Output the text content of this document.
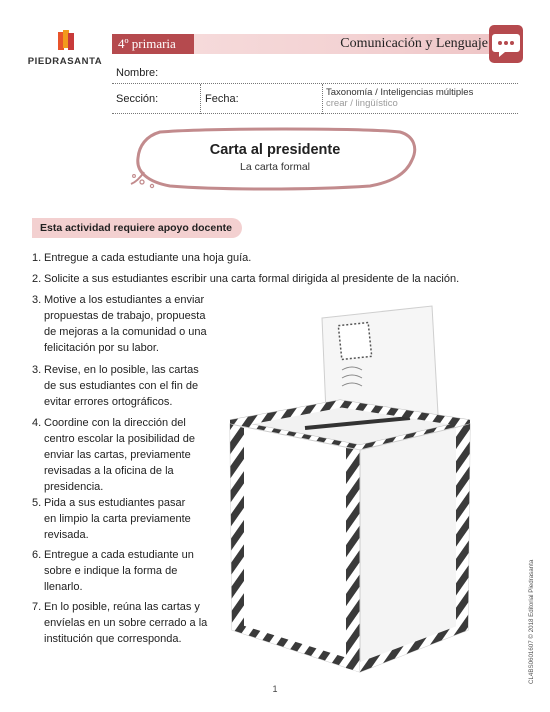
PIEDRASANTA
4º primaria	Comunicación y Lenguaje
Nombre:
Sección:	Fecha:
Taxonomía / Inteligencias múltiples
crear / lingüístico
Carta al presidente
La carta formal
Esta actividad requiere apoyo docente
1. Entregue a cada estudiante una hoja guía.
2. Solicite a sus estudiantes escribir una carta formal dirigida al presidente de la nación.
3. Motive a los estudiantes a enviar
propuestas de trabajo, propuesta
de mejoras a la comunidad o una
felicitación por su labor.
3. Revise, en lo posible, las cartas
de sus estudiantes con el fin de
evitar errores ortográficos.
4. Coordine con la dirección del
centro escolar la posibilidad de
enviar las cartas, previamente
revisadas a la oficina de la
presidencia.
5. Pida a sus estudiantes pasar
en limpio la carta previamente
revisada.
6. Entregue a cada estudiante un
sobre e indique la forma de
llenarlo.
7. En lo posible, reúna las cartas y
envíelas en un sobre cerrado a la
institución que corresponda.
1
CL4BS0601607 © 2018 Editorial Piedrasanta
